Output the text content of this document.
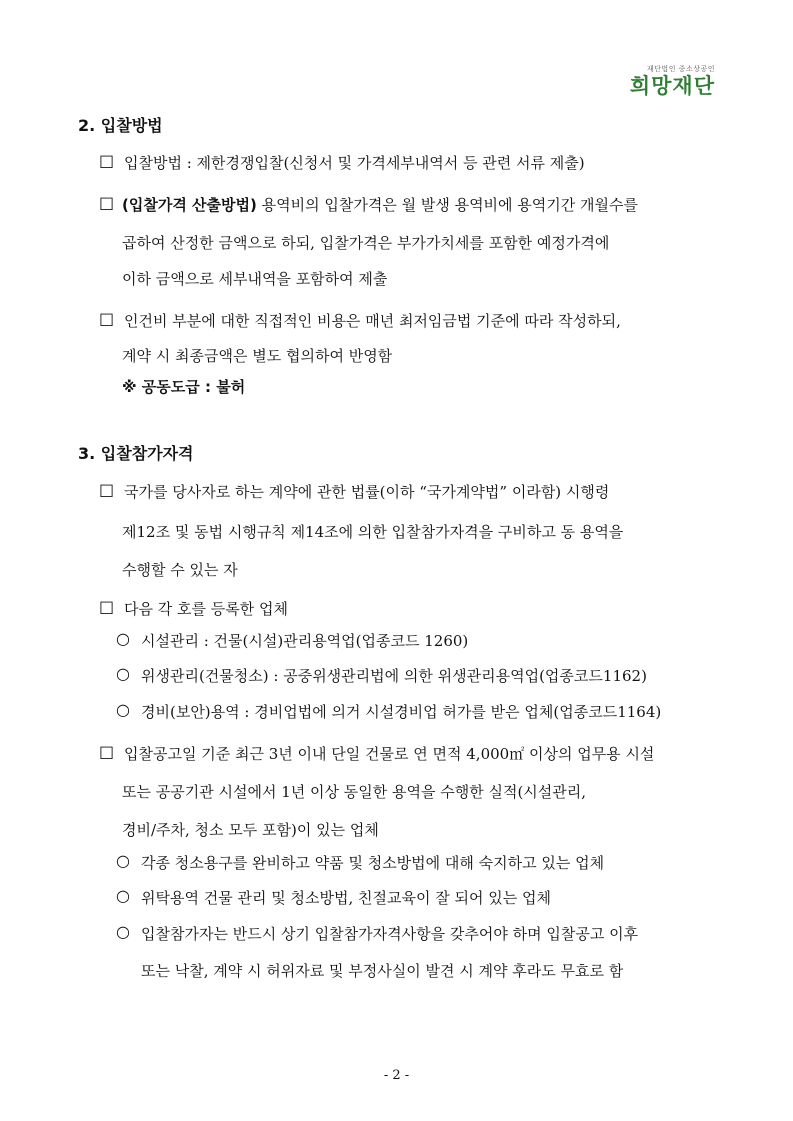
재단법인 중소상공인
희망재단
2. 입찰방법
□ 입찰방법 : 제한경쟁입찰(신청서 및 가격세부내역서 등 관련 서류 제출)
□ (입찰가격 산출방법) 용역비의 입찰가격은 월 발생 용역비에 용역기간 개월수를
곱하여 산정한 금액으로 하되, 입찰가격은 부가가치세를 포함한 예정가격에
이하 금액으로 세부내역을 포함하여 제출
□ 인건비 부분에 대한 직접적인 비용은 매년 최저임금법 기준에 따라 작성하되,
계약 시 최종금액은 별도 협의하여 반영함
※ 공동도급 : 불허
3. 입찰참가자격
□ 국가를 당사자로 하는 계약에 관한 법률(이하 “국가계약법” 이라함) 시행령
제12조 및 동법 시행규칙 제14조에 의한 입찰참가자격을 구비하고 동 용역을
수행할 수 있는 자
□ 다음 각 호를 등록한 업체
○ 시설관리 : 건물(시설)관리용역업(업종코드 1260)
○ 위생관리(건물청소) : 공중위생관리법에 의한 위생관리용역업(업종코드1162)
○ 경비(보안)용역 : 경비업법에 의거 시설경비업 허가를 받은 업체(업종코드1164)
□ 입찰공고일 기준 최근 3년 이내 단일 건물로 연 면적 4,000㎡ 이상의 업무용 시설
또는 공공기관 시설에서 1년 이상 동일한 용역을 수행한 실적(시설관리,
경비/주차, 청소 모두 포함)이 있는 업체
○ 각종 청소용구를 완비하고 약품 및 청소방법에 대해 숙지하고 있는 업체
○ 위탁용역 건물 관리 및 청소방법, 친절교육이 잘 되어 있는 업체
○ 입찰참가자는 반드시 상기 입찰참가자격사항을 갖추어야 하며 입찰공고 이후
또는 낙찰, 계약 시 허위자료 및 부정사실이 발견 시 계약 후라도 무효로 함
- 2 -
